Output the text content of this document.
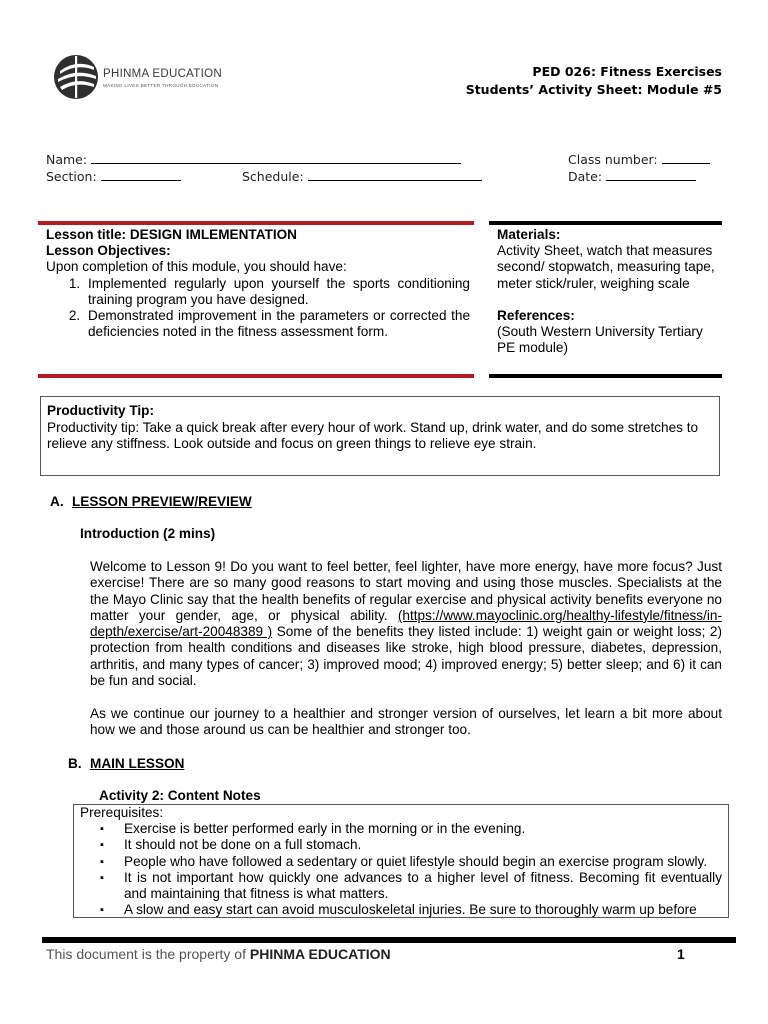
PHINMA EDUCATION
MAKING LIVES BETTER THROUGH EDUCATION
PED 026: Fitness Exercises
Students’ Activity Sheet: Module #5
Name:	Class number:
Section:	Schedule:	Date:
Lesson title: DESIGN IMLEMENTATION
Lesson Objectives:
Upon completion of this module, you should have:
1. Implemented regularly upon yourself the sports conditioning training program you have designed.
2. Demonstrated improvement in the parameters or corrected the deficiencies noted in the fitness assessment form.
Materials:
Activity Sheet, watch that measures second/ stopwatch, measuring tape, meter stick/ruler, weighing scale
References:
(South Western University Tertiary PE module)
Productivity Tip:
Productivity tip: Take a quick break after every hour of work. Stand up, drink water, and do some stretches to relieve any stiffness. Look outside and focus on green things to relieve eye strain.
A. LESSON PREVIEW/REVIEW
Introduction (2 mins)
Welcome to Lesson 9! Do you want to feel better, feel lighter, have more energy, have more focus? Just exercise! There are so many good reasons to start moving and using those muscles. Specialists at the the Mayo Clinic say that the health benefits of regular exercise and physical activity benefits everyone no matter your gender, age, or physical ability. (https://www.mayoclinic.org/healthy-lifestyle/fitness/in-depth/exercise/art-20048389 ) Some of the benefits they listed include: 1) weight gain or weight loss; 2) protection from health conditions and diseases like stroke, high blood pressure, diabetes, depression, arthritis, and many types of cancer; 3) improved mood; 4) improved energy; 5) better sleep; and 6) it can be fun and social.
As we continue our journey to a healthier and stronger version of ourselves, let learn a bit more about how we and those around us can be healthier and stronger too.
B. MAIN LESSON
Activity 2: Content Notes
Prerequisites:
▪ Exercise is better performed early in the morning or in the evening.
▪ It should not be done on a full stomach.
▪ People who have followed a sedentary or quiet lifestyle should begin an exercise program slowly.
▪ It is not important how quickly one advances to a higher level of fitness. Becoming fit eventually and maintaining that fitness is what matters.
▪ A slow and easy start can avoid musculoskeletal injuries. Be sure to thoroughly warm up before
This document is the property of PHINMA EDUCATION	1
